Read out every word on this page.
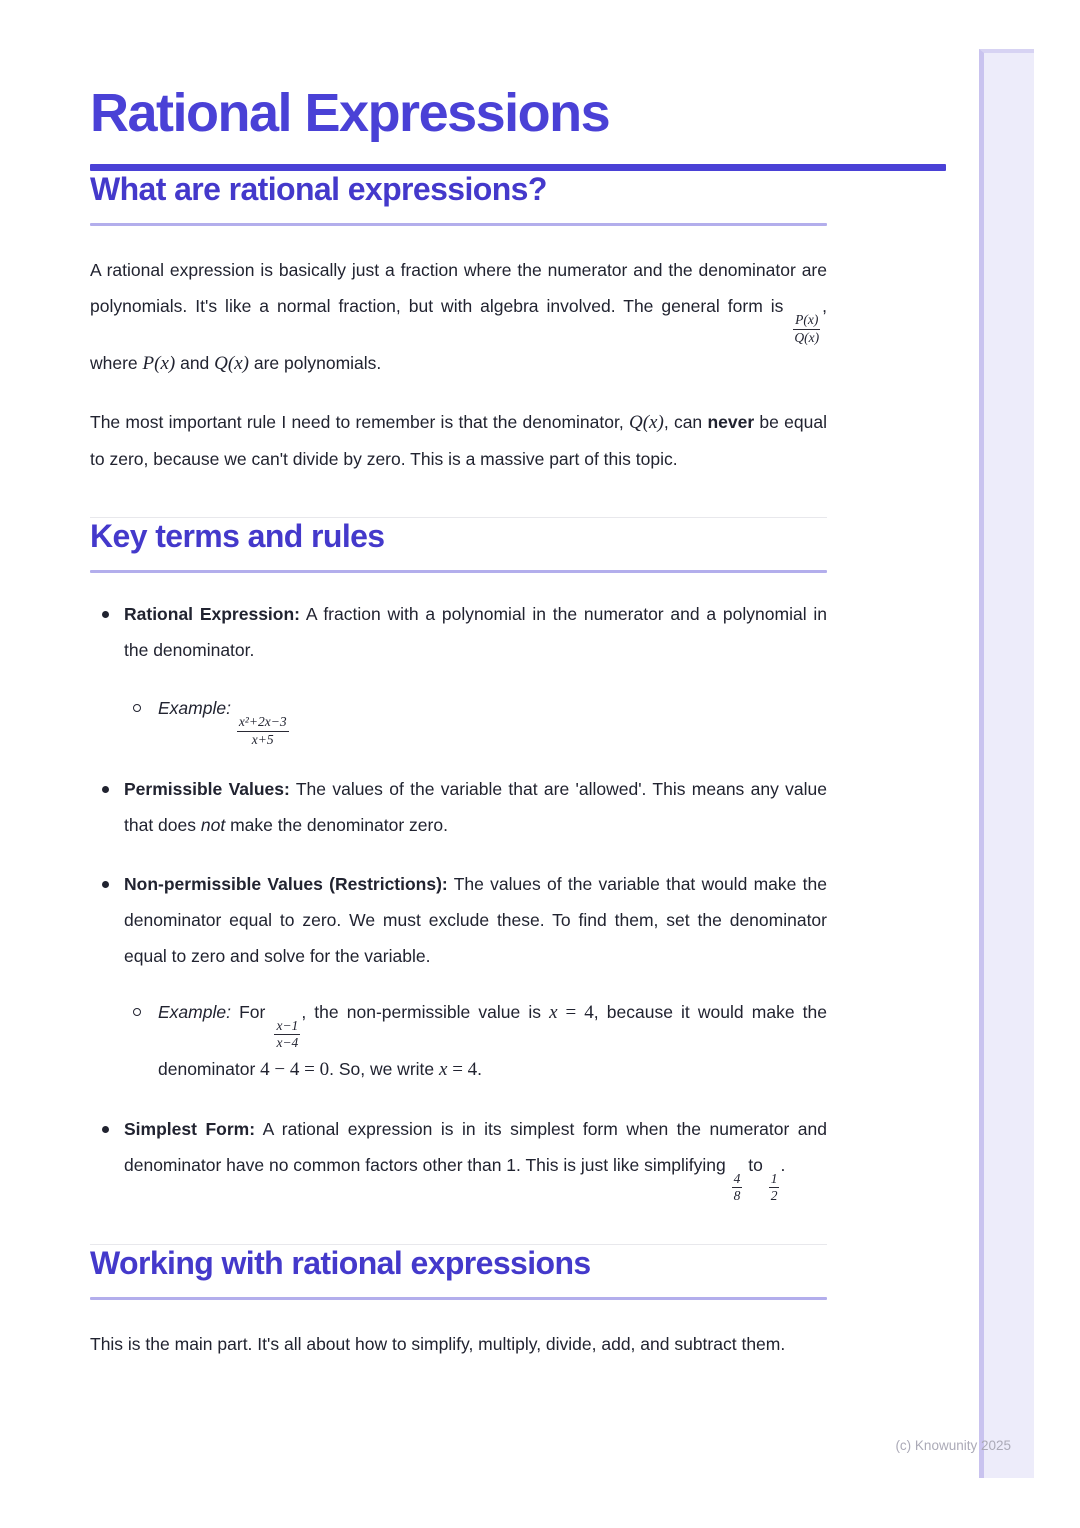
(c) Knowunity 2025
Rational Expressions
What are rational expressions?

A rational expression is basically just a fraction where the numerator and the denominator are polynomials. It's like a normal fraction, but with algebra involved. The general form is
$\frac{P(x)}{Q(x)}$
, where P(x) and Q(x) are polynomials.

The most important rule I need to remember is that the denominator, Q(x), can never be equal to zero, because we can't divide by zero. This is a massive part of this topic.

Key terms and rules
Rational Expression: A fraction with a polynomial in the numerator and a polynomial in the denominator.
Example:
$\frac{\text{x²+2x−3}}{x+5}$
Permissible Values: The values of the variable that are 'allowed'. This means any value that does not make the denominator zero.
Non-permissible Values (Restrictions): The values of the variable that would make the denominator equal to zero. We must exclude these. To find them, set the denominator equal to zero and solve for the variable.
Example: For
$\frac{x-1}{x-4}$
, the non-permissible value is x = 4, because it would make the denominator 4 − 4 = 0. So, we write x = 4.
Simplest Form: A rational expression is in its simplest form when the numerator and denominator have no common factors other than 1. This is just like simplifying
$\frac{4}{8}$
to
$\frac{1}{2}$
.
Working with rational expressions

This is the main part. It's all about how to simplify, multiply, divide, add, and subtract them.
